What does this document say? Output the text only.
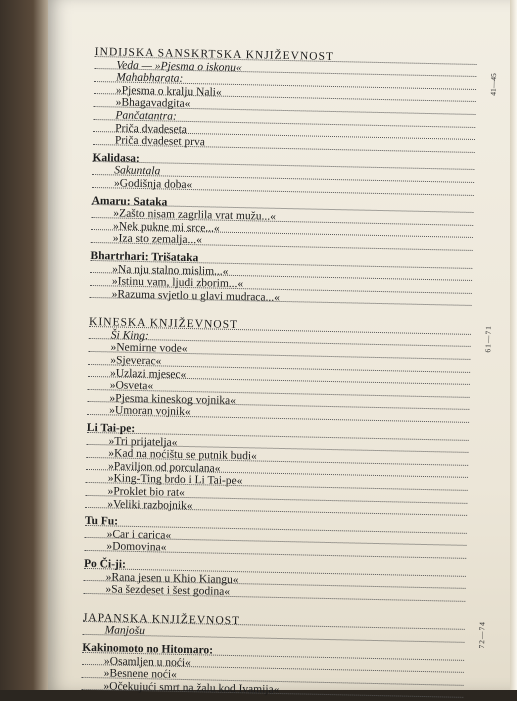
INDIJSKA SANSKRTSKA KNJIŽEVNOST
Veda — »Pjesma o iskonu«
41—45
Mahabharata:
»Pjesma o kralju Nali«
»Bhagavadgita«
Pančatantra:
Priča dvadeseta
Priča dvadeset prva
Kalidasa:
Sakuntala
»Godišnja doba«
Amaru: Sataka
»Zašto nisam zagrlila vrat mužu...«
»Nek pukne mi srce...«
»Iza sto zemalja...«
Bhartrhari: Trišataka
»Na nju stalno mislim...«
»Istinu vam, ljudi zborim...«
»Razuma svjetlo u glavi mudraca...«
KINESKA KNJIŽEVNOST
61—71
Ši King:
»Nemirne vode«
»Sjeverac«
»Uzlazi mjesec«
»Osveta«
»Pjesma kineskog vojnika«
»Umoran vojnik«
Li Tai-pe:
»Tri prijatelja«
»Kad na noćištu se putnik budi«
»Paviljon od porculana«
»King-Ting brdo i Li Tai-pe«
»Proklet bio rat«
»Veliki razbojnik«
Tu Fu:
»Car i carica«
»Domovina«
Po Či-ji:
»Rana jesen u Khio Kiangu«
»Sa šezdeset i šest godina«
JAPANSKA KNJIŽEVNOST
72—74
Manjošu
Kakinomoto no Hitomaro:
»Osamljen u noći«
»Besnene noći«
»Očekujući smrt na žalu kod Ivamija«
